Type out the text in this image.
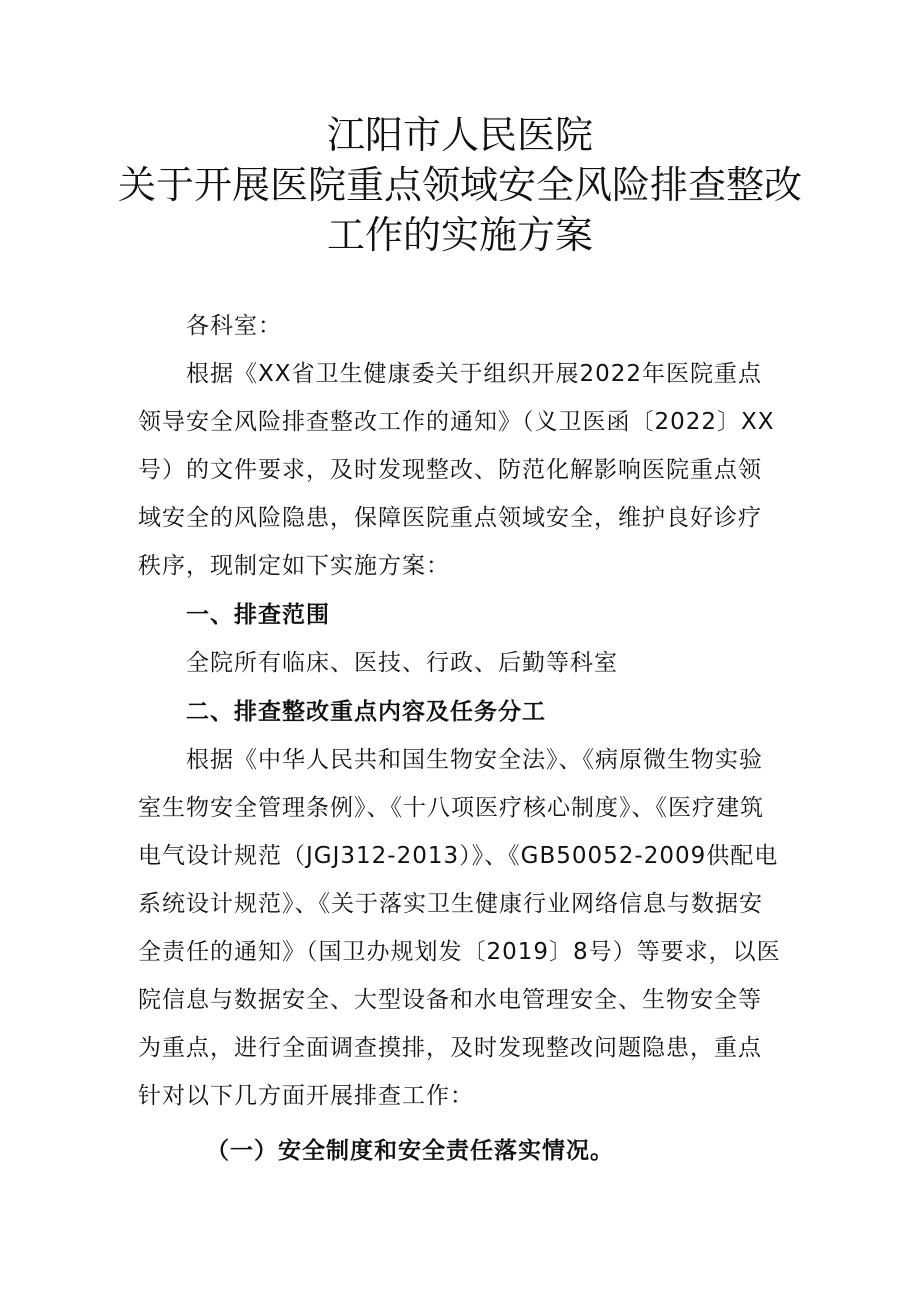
江阳市人民医院
关于开展医院重点领域安全风险排查整改
工作的实施方案
各科室：

根据《XX省卫生健康委关于组织开展2022年医院重点领导安全风险排查整改工作的通知》（义卫医函〔2022〕XX号）的文件要求，及时发现整改、防范化解影响医院重点领域安全的风险隐患，保障医院重点领域安全，维护良好诊疗秩序，现制定如下实施方案：

一、排查范围
全院所有临床、医技、行政、后勤等科室
二、排查整改重点内容及任务分工

根据《中华人民共和国生物安全法》、《病原微生物实验室生物安全管理条例》、《十八项医疗核心制度》、《医疗建筑电气设计规范（JGJ312-2013）》、《GB50052-2009供配电系统设计规范》、《关于落实卫生健康行业网络信息与数据安全责任的通知》（国卫办规划发〔2019〕8号）等要求，以医院信息与数据安全、大型设备和水电管理安全、生物安全等为重点，进行全面调查摸排，及时发现整改问题隐患，重点针对以下几方面开展排查工作：

（一）安全制度和安全责任落实情况。
